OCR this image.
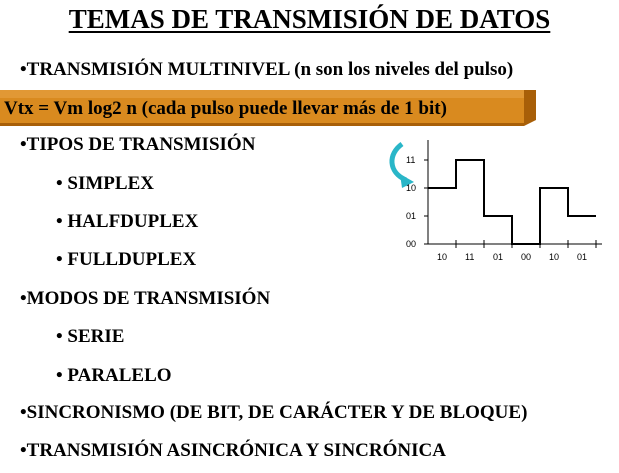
TEMAS DE TRANSMISIÓN DE DATOS
•TRANSMISIÓN MULTINIVEL (n son los niveles del pulso)
Vtx = Vm log2 n (cada pulso puede llevar más de 1 bit)
•TIPOS DE TRANSMISIÓN
• SIMPLEX
• HALFDUPLEX
• FULLDUPLEX
•MODOS DE TRANSMISIÓN
• SERIE
• PARALELO
•SINCRONISMO (DE BIT, DE CARÁCTER Y DE BLOQUE)
•TRANSMISIÓN ASINCRÓNICA Y SINCRÓNICA
11
10
01
00
10 11 01 00 10 01
